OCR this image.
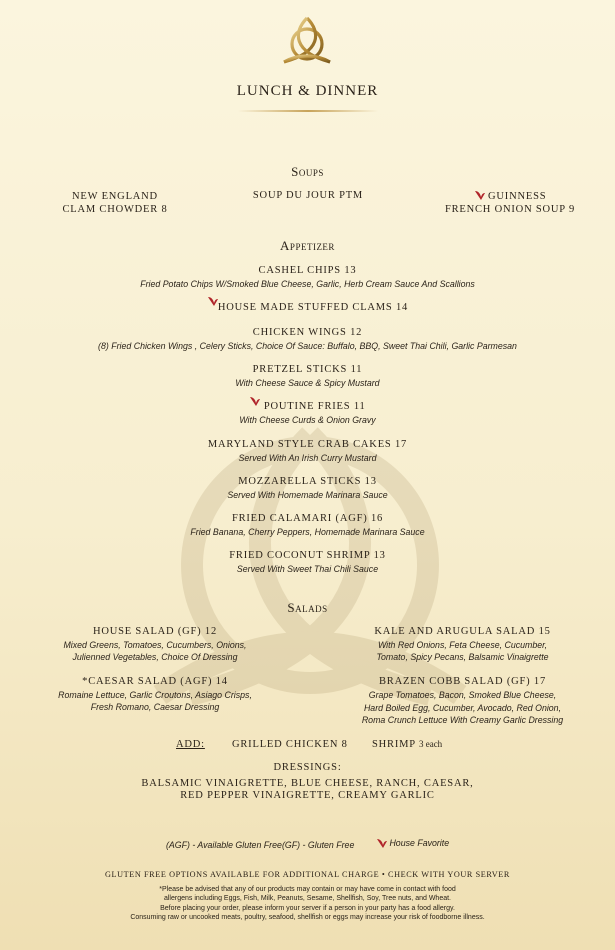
LUNCH & DINNER
Soups
NEW ENGLAND
CLAM CHOWDER 8
SOUP DU JOUR PTM	GUINNESS
FRENCH ONION SOUP 9
Appetizer
CASHEL CHIPS 13
Fried Potato Chips W/Smoked Blue Cheese, Garlic, Herb Cream Sauce And Scallions
HOUSE MADE STUFFED CLAMS 14
CHICKEN WINGS 12
(8) Fried Chicken Wings , Celery Sticks, Choice Of Sauce: Buffalo, BBQ, Sweet Thai Chili, Garlic Parmesan
PRETZEL STICKS 11
With Cheese Sauce & Spicy Mustard
POUTINE FRIES 11
With Cheese Curds & Onion Gravy
MARYLAND STYLE CRAB CAKES 17
Served With An Irish Curry Mustard
MOZZARELLA STICKS 13
Served With Homemade Marinara Sauce
FRIED CALAMARI (AGF) 16
Fried Banana, Cherry Peppers, Homemade Marinara Sauce
FRIED COCONUT SHRIMP 13
Served With Sweet Thai Chili Sauce
Salads
HOUSE SALAD (GF) 12
Mixed Greens, Tomatoes, Cucumbers, Onions,
Julienned Vegetables, Choice Of Dressing
KALE AND ARUGULA SALAD 15
With Red Onions, Feta Cheese, Cucumber,
Tomato, Spicy Pecans, Balsamic Vinaigrette
*CAESAR SALAD (AGF) 14
Romaine Lettuce, Garlic Croutons, Asiago Crisps,
Fresh Romano, Caesar Dressing
BRAZEN COBB SALAD (GF) 17
Grape Tomatoes, Bacon, Smoked Blue Cheese,
Hard Boiled Egg, Cucumber, Avocado, Red Onion,
Roma Crunch Lettuce With Creamy Garlic Dressing
ADD:	GRILLED CHICKEN 8 SHRIMP 3 each
DRESSINGS:
BALSAMIC VINAIGRETTE, BLUE CHEESE, RANCH, CAESAR,
RED PEPPER VINAIGRETTE, CREAMY GARLIC
(AGF) - Available Gluten Free (GF) - Gluten Free	House Favorite
GLUTEN FREE OPTIONS AVAILABLE FOR ADDITIONAL CHARGE • CHECK WITH YOUR SERVER
*Please be advised that any of our products may contain or may have come in contact with food
allergens including Eggs, Fish, Milk, Peanuts, Sesame, Shellfish, Soy, Tree nuts, and Wheat.
Before placing your order, please inform your server if a person in your party has a food allergy.
Consuming raw or uncooked meats, poultry, seafood, shellfish or eggs may increase your risk of foodborne illness.
